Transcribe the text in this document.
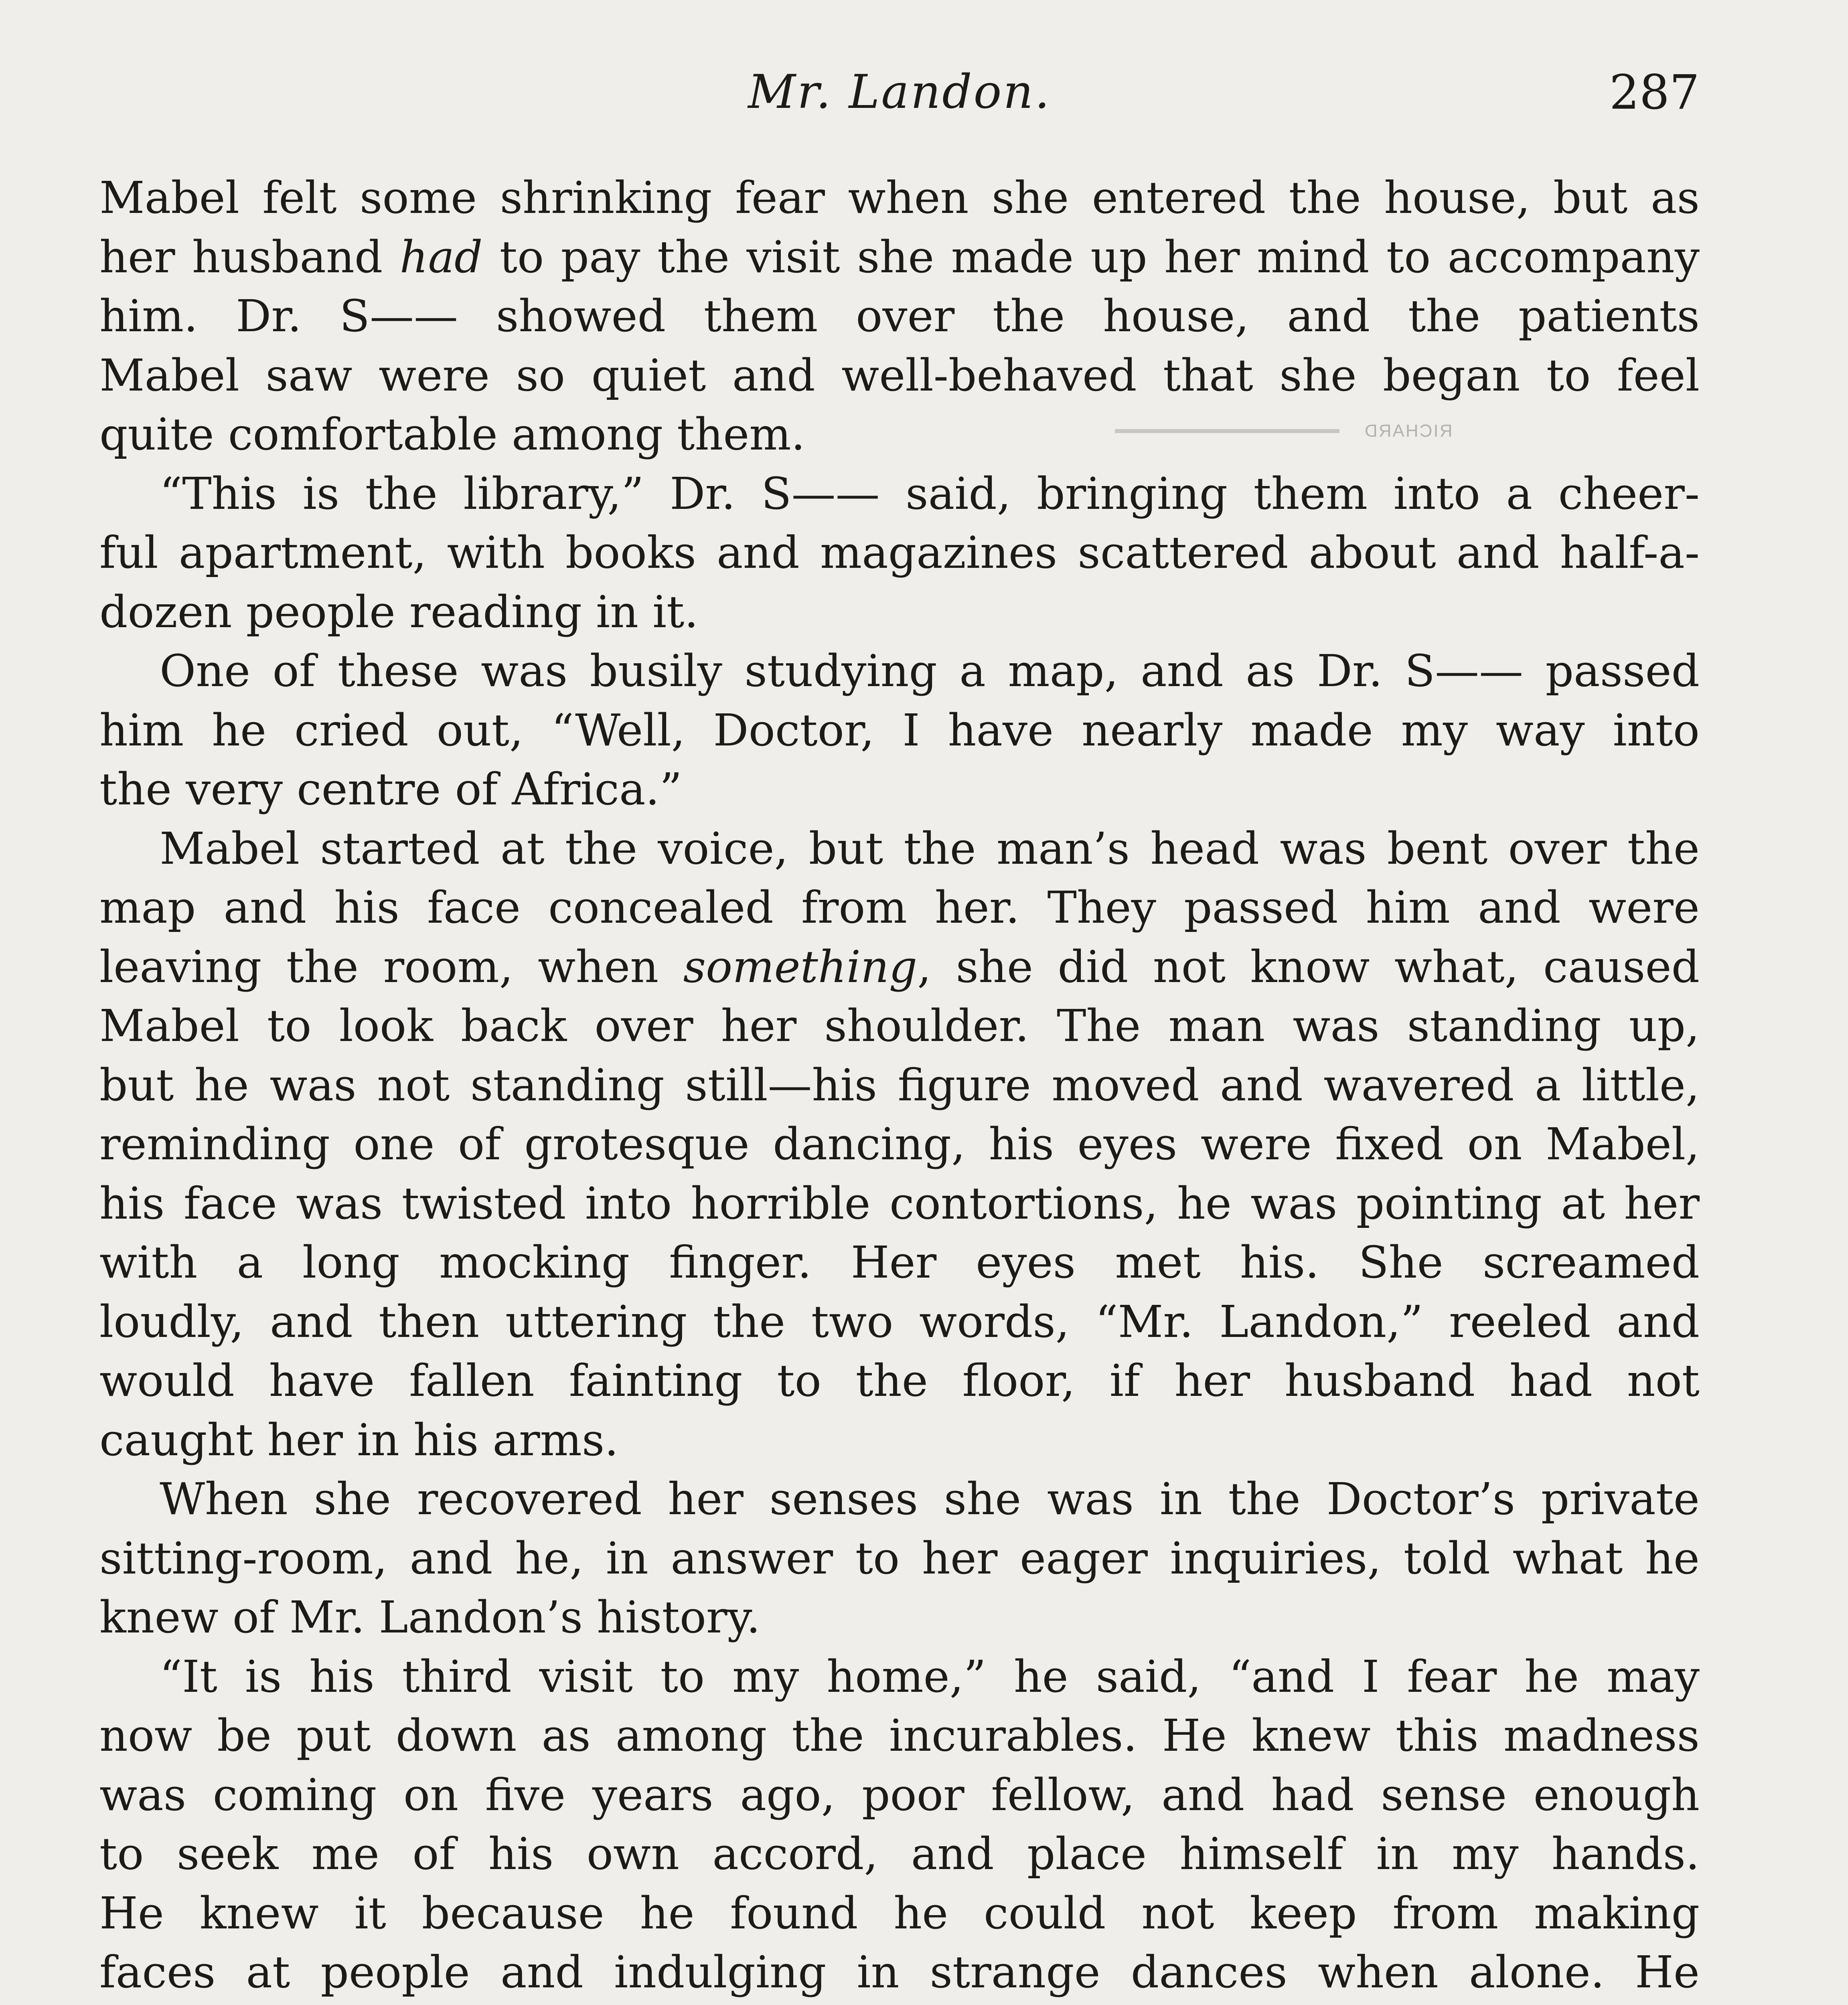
Mr. Landon.	287

Mabel felt some shrinking fear when she entered the house, but as
her husband had to pay the visit she made up her mind to accompany
him. Dr. S—— showed them over the house, and the patients
Mabel saw were so quiet and well-behaved that she began to feel
quite comfortable among them.

“This is the library,” Dr. S—— said, bringing them into a cheer-
ful apartment, with books and magazines scattered about and half-a-
dozen people reading in it.

One of these was busily studying a map, and as Dr. S—— passed
him he cried out, “Well, Doctor, I have nearly made my way into
the very centre of Africa.”

Mabel started at the voice, but the man’s head was bent over the
map and his face concealed from her. They passed him and were
leaving the room, when something, she did not know what, caused
Mabel to look back over her shoulder. The man was standing up,
but he was not standing still—his figure moved and wavered a little,
reminding one of grotesque dancing, his eyes were fixed on Mabel,
his face was twisted into horrible contortions, he was pointing at her
with a long mocking finger. Her eyes met his. She screamed
loudly, and then uttering the two words, “Mr. Landon,” reeled and
would have fallen fainting to the floor, if her husband had not
caught her in his arms.

When she recovered her senses she was in the Doctor’s private
sitting-room, and he, in answer to her eager inquiries, told what he
knew of Mr. Landon’s history.

“It is his third visit to my home,” he said, “and I fear he may
now be put down as among the incurables. He knew this madness
was coming on five years ago, poor fellow, and had sense enough
to seek me of his own accord, and place himself in my hands.
He knew it because he found he could not keep from making
faces at people and indulging in strange dances when alone. He

RICHARD
